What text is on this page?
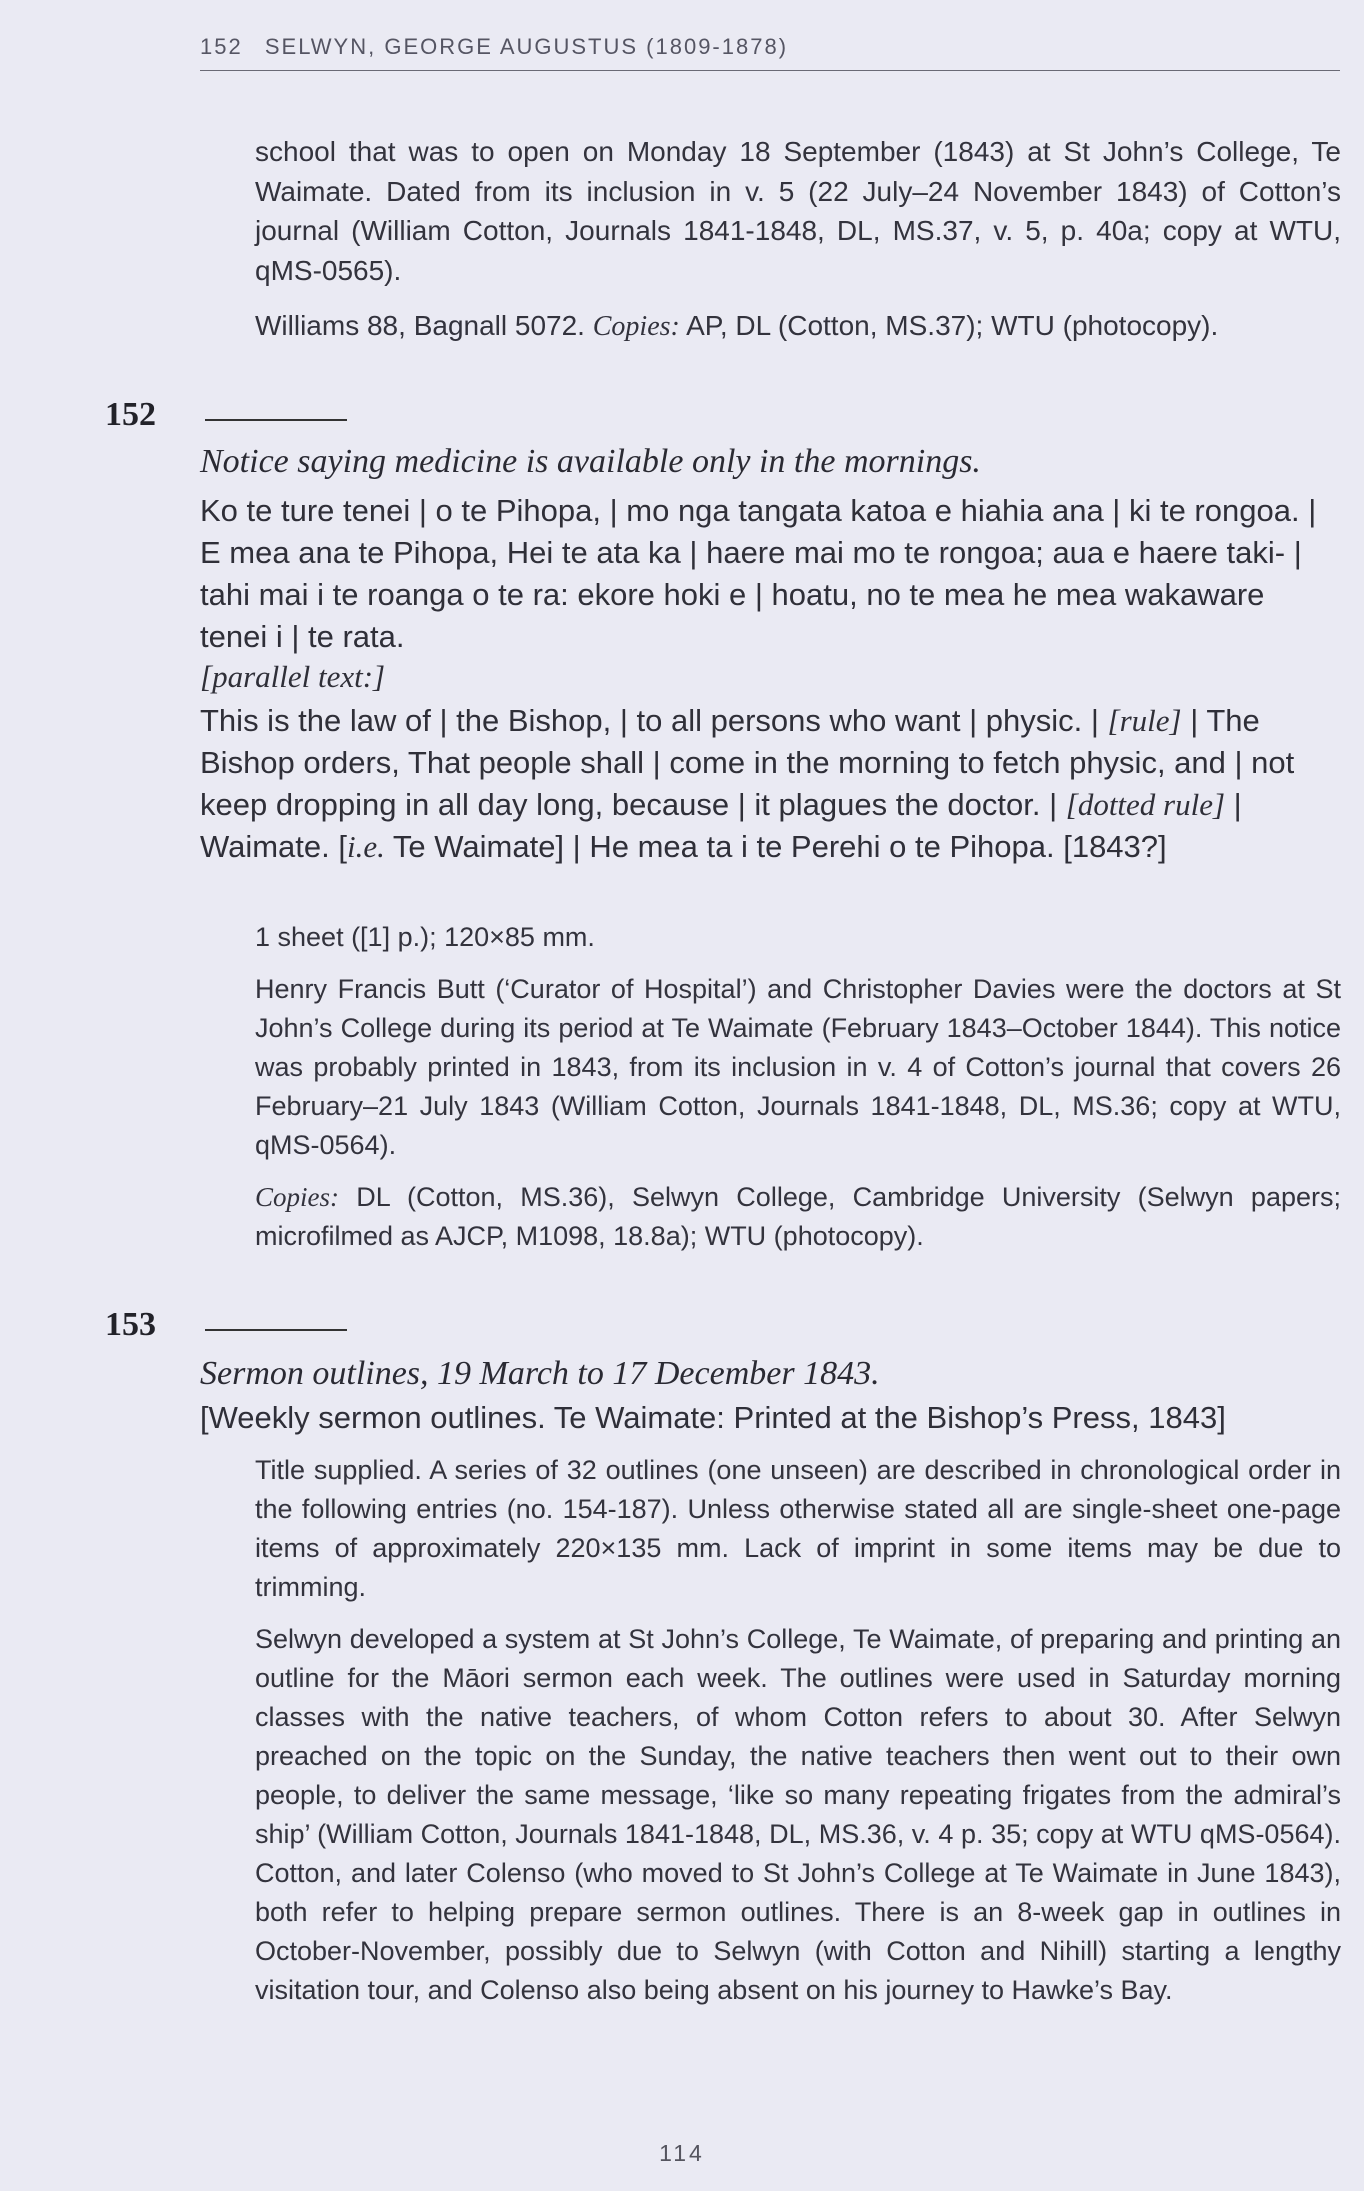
152 SELWYN, GEORGE AUGUSTUS (1809-1878)
school that was to open on Monday 18 September (1843) at St John’s College, Te Waimate. Dated from its inclusion in v. 5 (22 July–24 November 1843) of Cotton’s journal (William Cotton, Journals 1841-1848, DL, MS.37, v. 5, p. 40a; copy at WTU, qMS-0565).
Williams 88, Bagnall 5072. Copies: AP, DL (Cotton, MS.37); WTU (photocopy).
152
Notice saying medicine is available only in the mornings.
Ko te ture tenei | o te Pihopa, | mo nga tangata katoa e hiahia ana | ki te rongoa. | E mea ana te Pihopa, Hei te ata ka | haere mai mo te rongoa; aua e haere taki- | tahi mai i te roanga o te ra: ekore hoki e | hoatu, no te mea he mea wakaware tenei i | te rata.
[parallel text:]
This is the law of | the Bishop, | to all persons who want | physic. | [rule] | The Bishop orders, That people shall | come in the morning to fetch physic, and | not keep dropping in all day long, because | it plagues the doctor. | [dotted rule] | Waimate. [i.e. Te Waimate] | He mea ta i te Perehi o te Pihopa. [1843?]
1 sheet ([1] p.); 120×85 mm.
Henry Francis Butt (‘Curator of Hospital’) and Christopher Davies were the doctors at St John’s College during its period at Te Waimate (February 1843–October 1844). This notice was probably printed in 1843, from its inclusion in v. 4 of Cotton’s journal that covers 26 February–21 July 1843 (William Cotton, Journals 1841-1848, DL, MS.36; copy at WTU, qMS-0564).
Copies: DL (Cotton, MS.36), Selwyn College, Cambridge University (Selwyn papers; microfilmed as AJCP, M1098, 18.8a); WTU (photocopy).
153
Sermon outlines, 19 March to 17 December 1843.
[Weekly sermon outlines. Te Waimate: Printed at the Bishop’s Press, 1843]
Title supplied. A series of 32 outlines (one unseen) are described in chronological order in the following entries (no. 154-187). Unless otherwise stated all are single-sheet one-page items of approximately 220×135 mm. Lack of imprint in some items may be due to trimming.
Selwyn developed a system at St John’s College, Te Waimate, of preparing and printing an outline for the Māori sermon each week. The outlines were used in Saturday morning classes with the native teachers, of whom Cotton refers to about 30. After Selwyn preached on the topic on the Sunday, the native teachers then went out to their own people, to deliver the same message, ‘like so many repeating frigates from the admiral’s ship’ (William Cotton, Journals 1841-1848, DL, MS.36, v. 4 p. 35; copy at WTU qMS-0564). Cotton, and later Colenso (who moved to St John’s College at Te Waimate in June 1843), both refer to helping prepare sermon outlines. There is an 8-week gap in outlines in October-November, possibly due to Selwyn (with Cotton and Nihill) starting a lengthy visitation tour, and Colenso also being absent on his journey to Hawke’s Bay.
114
